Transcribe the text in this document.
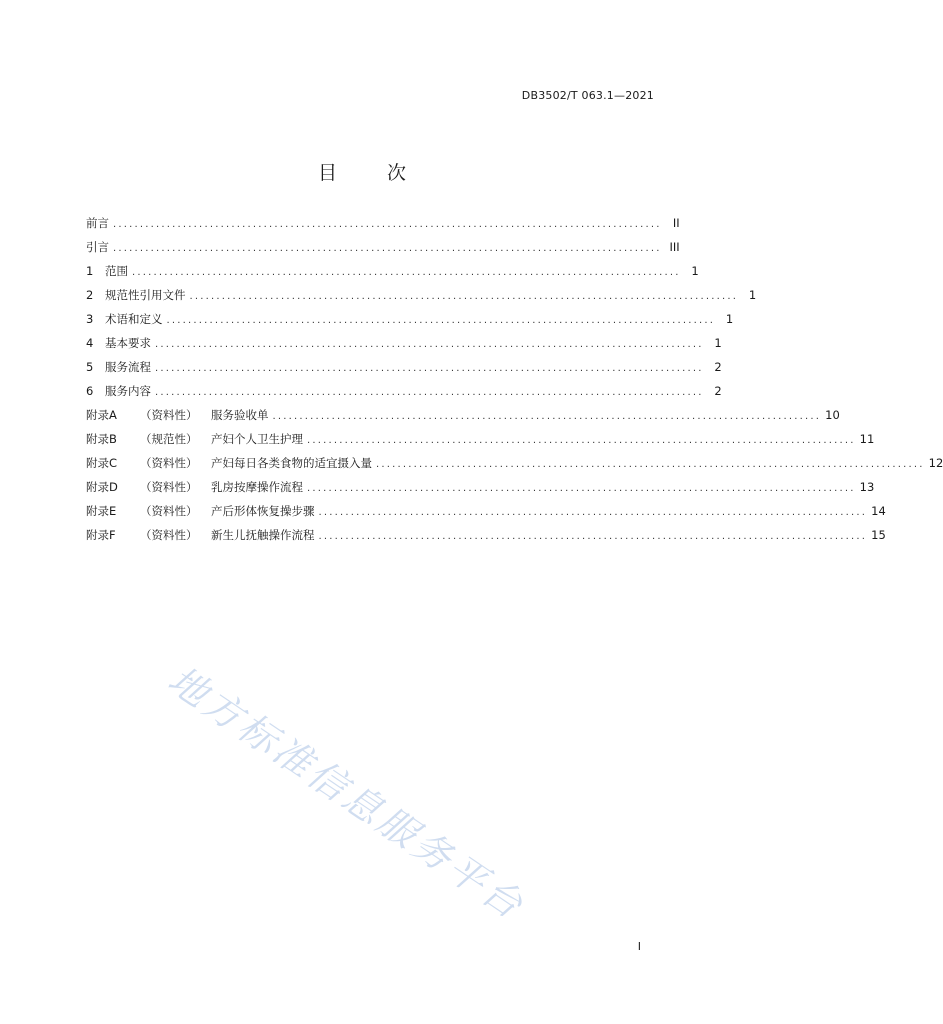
DB3502/T 063.1—2021
目 次
前言 ...................................................................................................... II
引言 ...................................................................................................... III
1	范围 ...................................................................................................... 1
2	规范性引用文件 ...................................................................................................... 1
3	术语和定义 ...................................................................................................... 1
4	基本要求 ...................................................................................................... 1
5	服务流程 ...................................................................................................... 2
6	服务内容 ...................................................................................................... 2
附录A	（资料性）	服务验收单 ...................................................................................................... 10
附录B	（规范性）	产妇个人卫生护理 ...................................................................................................... 11
附录C	（资料性）	产妇每日各类食物的适宜摄入量 ...................................................................................................... 12
附录D	（资料性）	乳房按摩操作流程 ...................................................................................................... 13
附录E	（资料性）	产后形体恢复操步骤 ...................................................................................................... 14
附录F	（资料性）	新生儿抚触操作流程 ...................................................................................................... 15
地方标准信息服务平台
I
